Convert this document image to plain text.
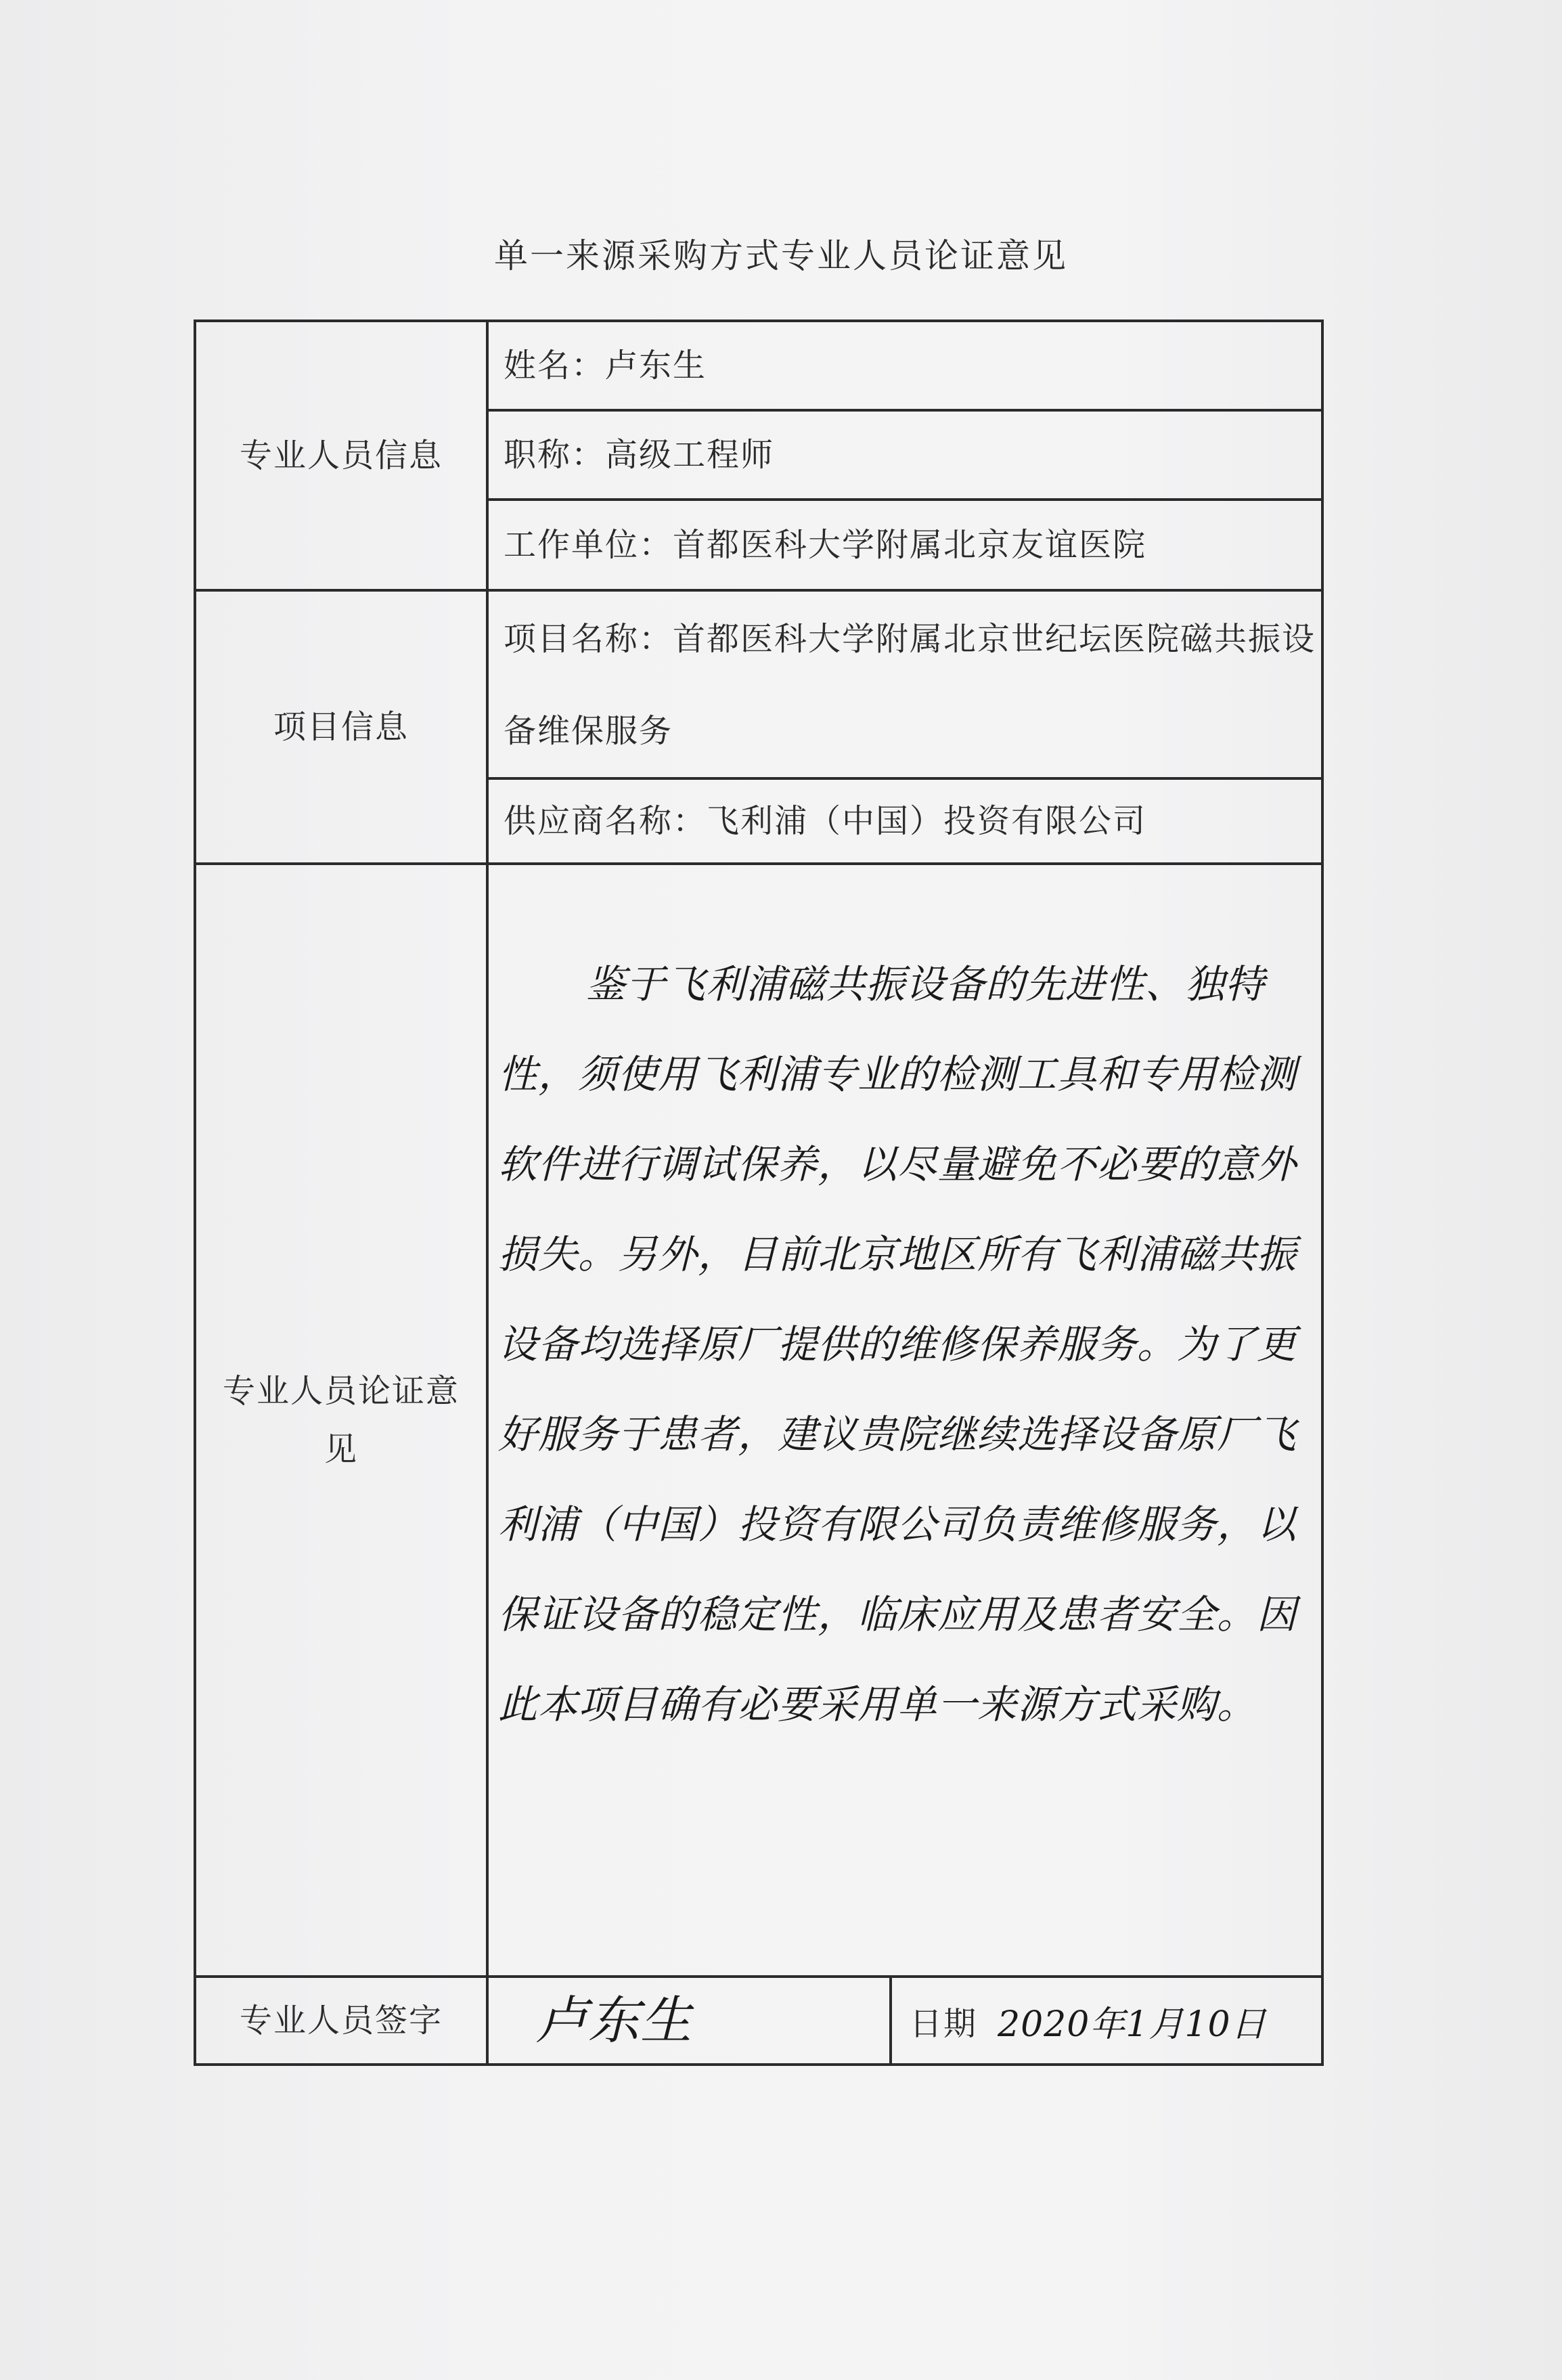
单一来源采购方式专业人员论证意见
专业人员信息	姓名：卢东生
	职称：高级工程师
	工作单位：首都医科大学附属北京友谊医院
项目信息	项目名称：首都医科大学附属北京世纪坛医院磁共振设备维保服务
	供应商名称：飞利浦（中国）投资有限公司
专业人员论证意见	鉴于飞利浦磁共振设备的先进性、独特性，须使用飞利浦专业的检测工具和专用检测软件进行调试保养，以尽量避免不必要的意外损失。另外，目前北京地区所有飞利浦磁共振设备均选择原厂提供的维修保养服务。为了更好服务于患者，建议贵院继续选择设备原厂飞利浦（中国）投资有限公司负责维修服务，以保证设备的稳定性，临床应用及患者安全。因此本项目确有必要采用单一来源方式采购。

专业人员签字	卢东生 日期 2020年1月10日
